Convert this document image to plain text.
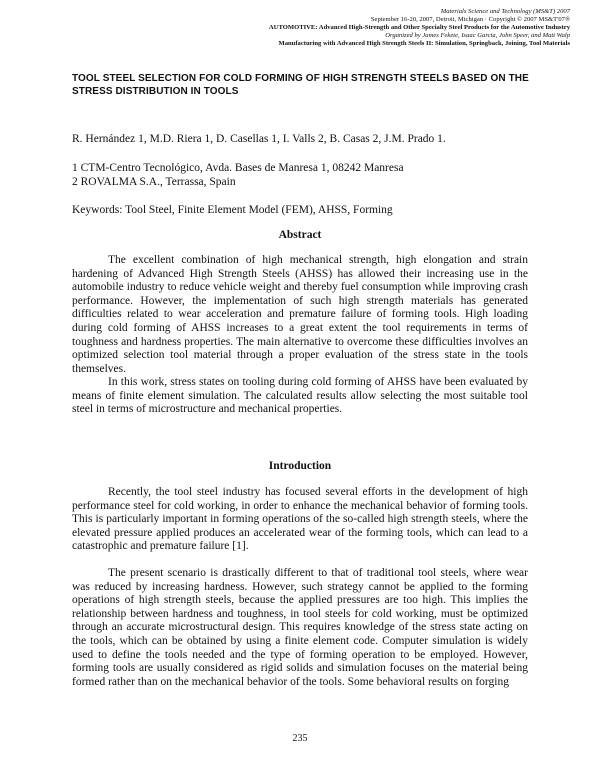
Materials Science and Technology (MS&T) 2007
September 16-20, 2007, Detroit, Michigan · Copyright © 2007 MS&T'07®
AUTOMOTIVE: Advanced High-Strength and Other Specialty Steel Products for the Automotive Industry
Organized by James Fekete, Isaac Garcia, John Speer, and Matt Walp
Manufacturing with Advanced High Strength Steels II: Simulation, Springback, Joining, Tool Materials
TOOL STEEL SELECTION FOR COLD FORMING OF HIGH STRENGTH STEELS BASED ON THE STRESS DISTRIBUTION IN TOOLS
R. Hernández 1, M.D. Riera 1, D. Casellas 1, I. Valls 2, B. Casas 2, J.M. Prado 1.
1 CTM-Centro Tecnológico, Avda. Bases de Manresa 1, 08242 Manresa
2 ROVALMA S.A., Terrassa, Spain
Keywords: Tool Steel, Finite Element Model (FEM), AHSS, Forming
Abstract

The excellent combination of high mechanical strength, high elongation and strain hardening of Advanced High Strength Steels (AHSS) has allowed their increasing use in the automobile industry to reduce vehicle weight and thereby fuel consumption while improving crash performance. However, the implementation of such high strength materials has generated difficulties related to wear acceleration and premature failure of forming tools. High loading during cold forming of AHSS increases to a great extent the tool requirements in terms of toughness and hardness properties. The main alternative to overcome these difficulties involves an optimized selection tool material through a proper evaluation of the stress state in the tools themselves.

In this work, stress states on tooling during cold forming of AHSS have been evaluated by means of finite element simulation. The calculated results allow selecting the most suitable tool steel in terms of microstructure and mechanical properties.

Introduction

Recently, the tool steel industry has focused several efforts in the development of high performance steel for cold working, in order to enhance the mechanical behavior of forming tools. This is particularly important in forming operations of the so-called high strength steels, where the elevated pressure applied produces an accelerated wear of the forming tools, which can lead to a catastrophic and premature failure [1].

The present scenario is drastically different to that of traditional tool steels, where wear was reduced by increasing hardness. However, such strategy cannot be applied to the forming operations of high strength steels, because the applied pressures are too high. This implies the relationship between hardness and toughness, in tool steels for cold working, must be optimized through an accurate microstructural design. This requires knowledge of the stress state acting on the tools, which can be obtained by using a finite element code. Computer simulation is widely used to define the tools needed and the type of forming operation to be employed. However, forming tools are usually considered as rigid solids and simulation focuses on the material being formed rather than on the mechanical behavior of the tools. Some behavioral results on forging

235
